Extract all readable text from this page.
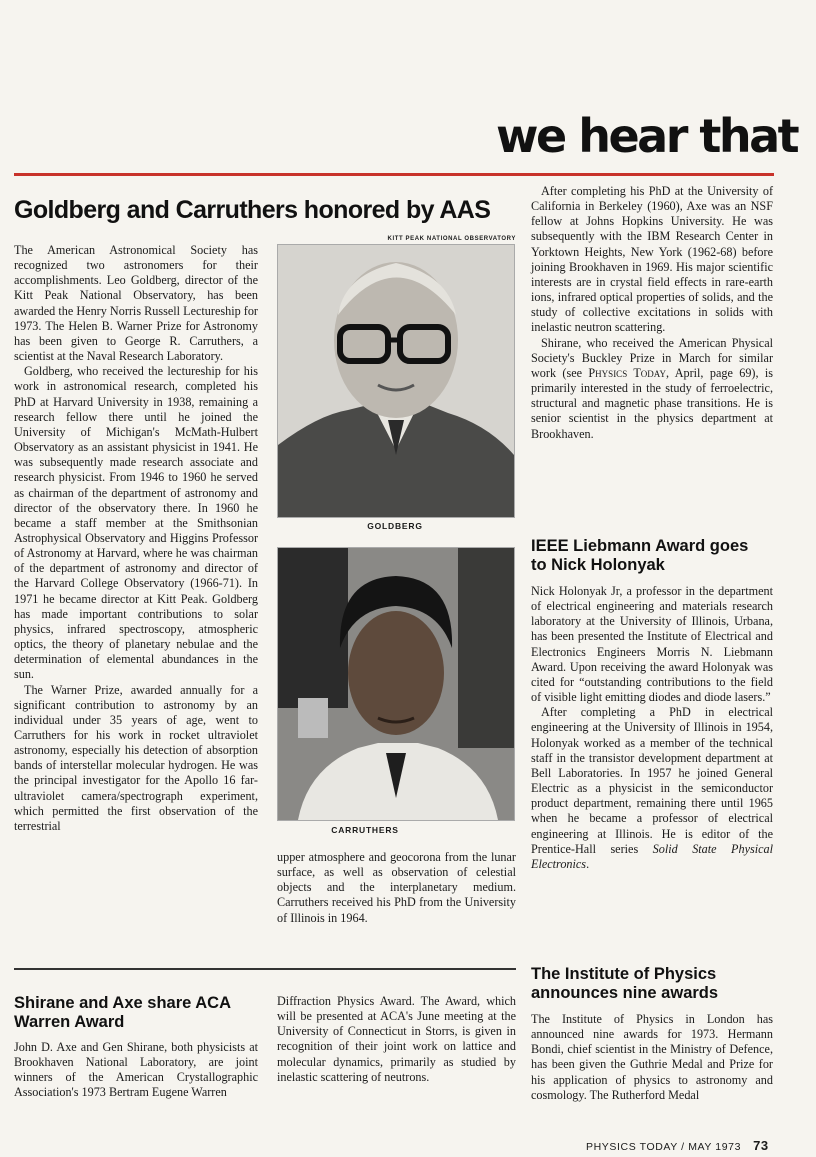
we hear that
Goldberg and Carruthers honored by AAS

The American Astronomical Society has recognized two astronomers for their accomplishments. Leo Goldberg, director of the Kitt Peak National Observatory, has been awarded the Henry Norris Russell Lectureship for 1973. The Helen B. Warner Prize for Astronomy has been given to George R. Carruthers, a scientist at the Naval Research Laboratory.

Goldberg, who received the lectureship for his work in astronomical research, completed his PhD at Harvard University in 1938, remaining a research fellow there until he joined the University of Michigan's McMath-Hulbert Observatory as an assistant physicist in 1941. He was subsequently made research associate and research physicist. From 1946 to 1960 he served as chairman of the department of astronomy and director of the observatory there. In 1960 he became a staff member at the Smithsonian Astrophysical Observatory and Higgins Professor of Astronomy at Harvard, where he was chairman of the department of astronomy and director of the Harvard College Observatory (1966-71). In 1971 he became director at Kitt Peak. Goldberg has made important contributions to solar physics, infrared spectroscopy, atmospheric optics, the theory of planetary nebulae and the determination of elemental abundances in the sun.

The Warner Prize, awarded annually for a significant contribution to astronomy by an individual under 35 years of age, went to Carruthers for his work in rocket ultraviolet astronomy, especially his detection of absorption bands of interstellar molecular hydrogen. He was the principal investigator for the Apollo 16 far-ultraviolet camera/spectrograph experiment, which permitted the first observation of the terrestrial

KITT PEAK NATIONAL OBSERVATORY
GOLDBERG
CARRUTHERS

upper atmosphere and geocorona from the lunar surface, as well as observation of celestial objects and the interplanetary medium. Carruthers received his PhD from the University of Illinois in 1964.

After completing his PhD at the University of California in Berkeley (1960), Axe was an NSF fellow at Johns Hopkins University. He was subsequently with the IBM Research Center in Yorktown Heights, New York (1962-68) before joining Brookhaven in 1969. His major scientific interests are in crystal field effects in rare-earth ions, infrared optical properties of solids, and the study of collective excitations in solids with inelastic neutron scattering.

Shirane, who received the American Physical Society's Buckley Prize in March for similar work (see Physics Today, April, page 69), is primarily interested in the study of ferroelectric, structural and magnetic phase transitions. He is senior scientist in the physics department at Brookhaven.

IEEE Liebmann Award goes to Nick Holonyak

Nick Holonyak Jr, a professor in the department of electrical engineering and materials research laboratory at the University of Illinois, Urbana, has been presented the Institute of Electrical and Electronics Engineers Morris N. Liebmann Award. Upon receiving the award Holonyak was cited for “outstanding contributions to the field of visible light emitting diodes and diode lasers.”

After completing a PhD in electrical engineering at the University of Illinois in 1954, Holonyak worked as a member of the technical staff in the transistor development department at Bell Laboratories. In 1957 he joined General Electric as a physicist in the semiconductor product department, remaining there until 1965 when he became a professor of electrical engineering at Illinois. He is editor of the Prentice-Hall series Solid State Physical Electronics.

Shirane and Axe share ACA Warren Award

John D. Axe and Gen Shirane, both physicists at Brookhaven National Laboratory, are joint winners of the American Crystallographic Association's 1973 Bertram Eugene Warren

Diffraction Physics Award. The Award, which will be presented at ACA's June meeting at the University of Connecticut in Storrs, is given in recognition of their joint work on lattice and molecular dynamics, primarily as studied by inelastic scattering of neutrons.

The Institute of Physics announces nine awards

The Institute of Physics in London has announced nine awards for 1973. Hermann Bondi, chief scientist in the Ministry of Defence, has been given the Guthrie Medal and Prize for his application of physics to astronomy and cosmology. The Rutherford Medal

PHYSICS TODAY / MAY 1973 73
